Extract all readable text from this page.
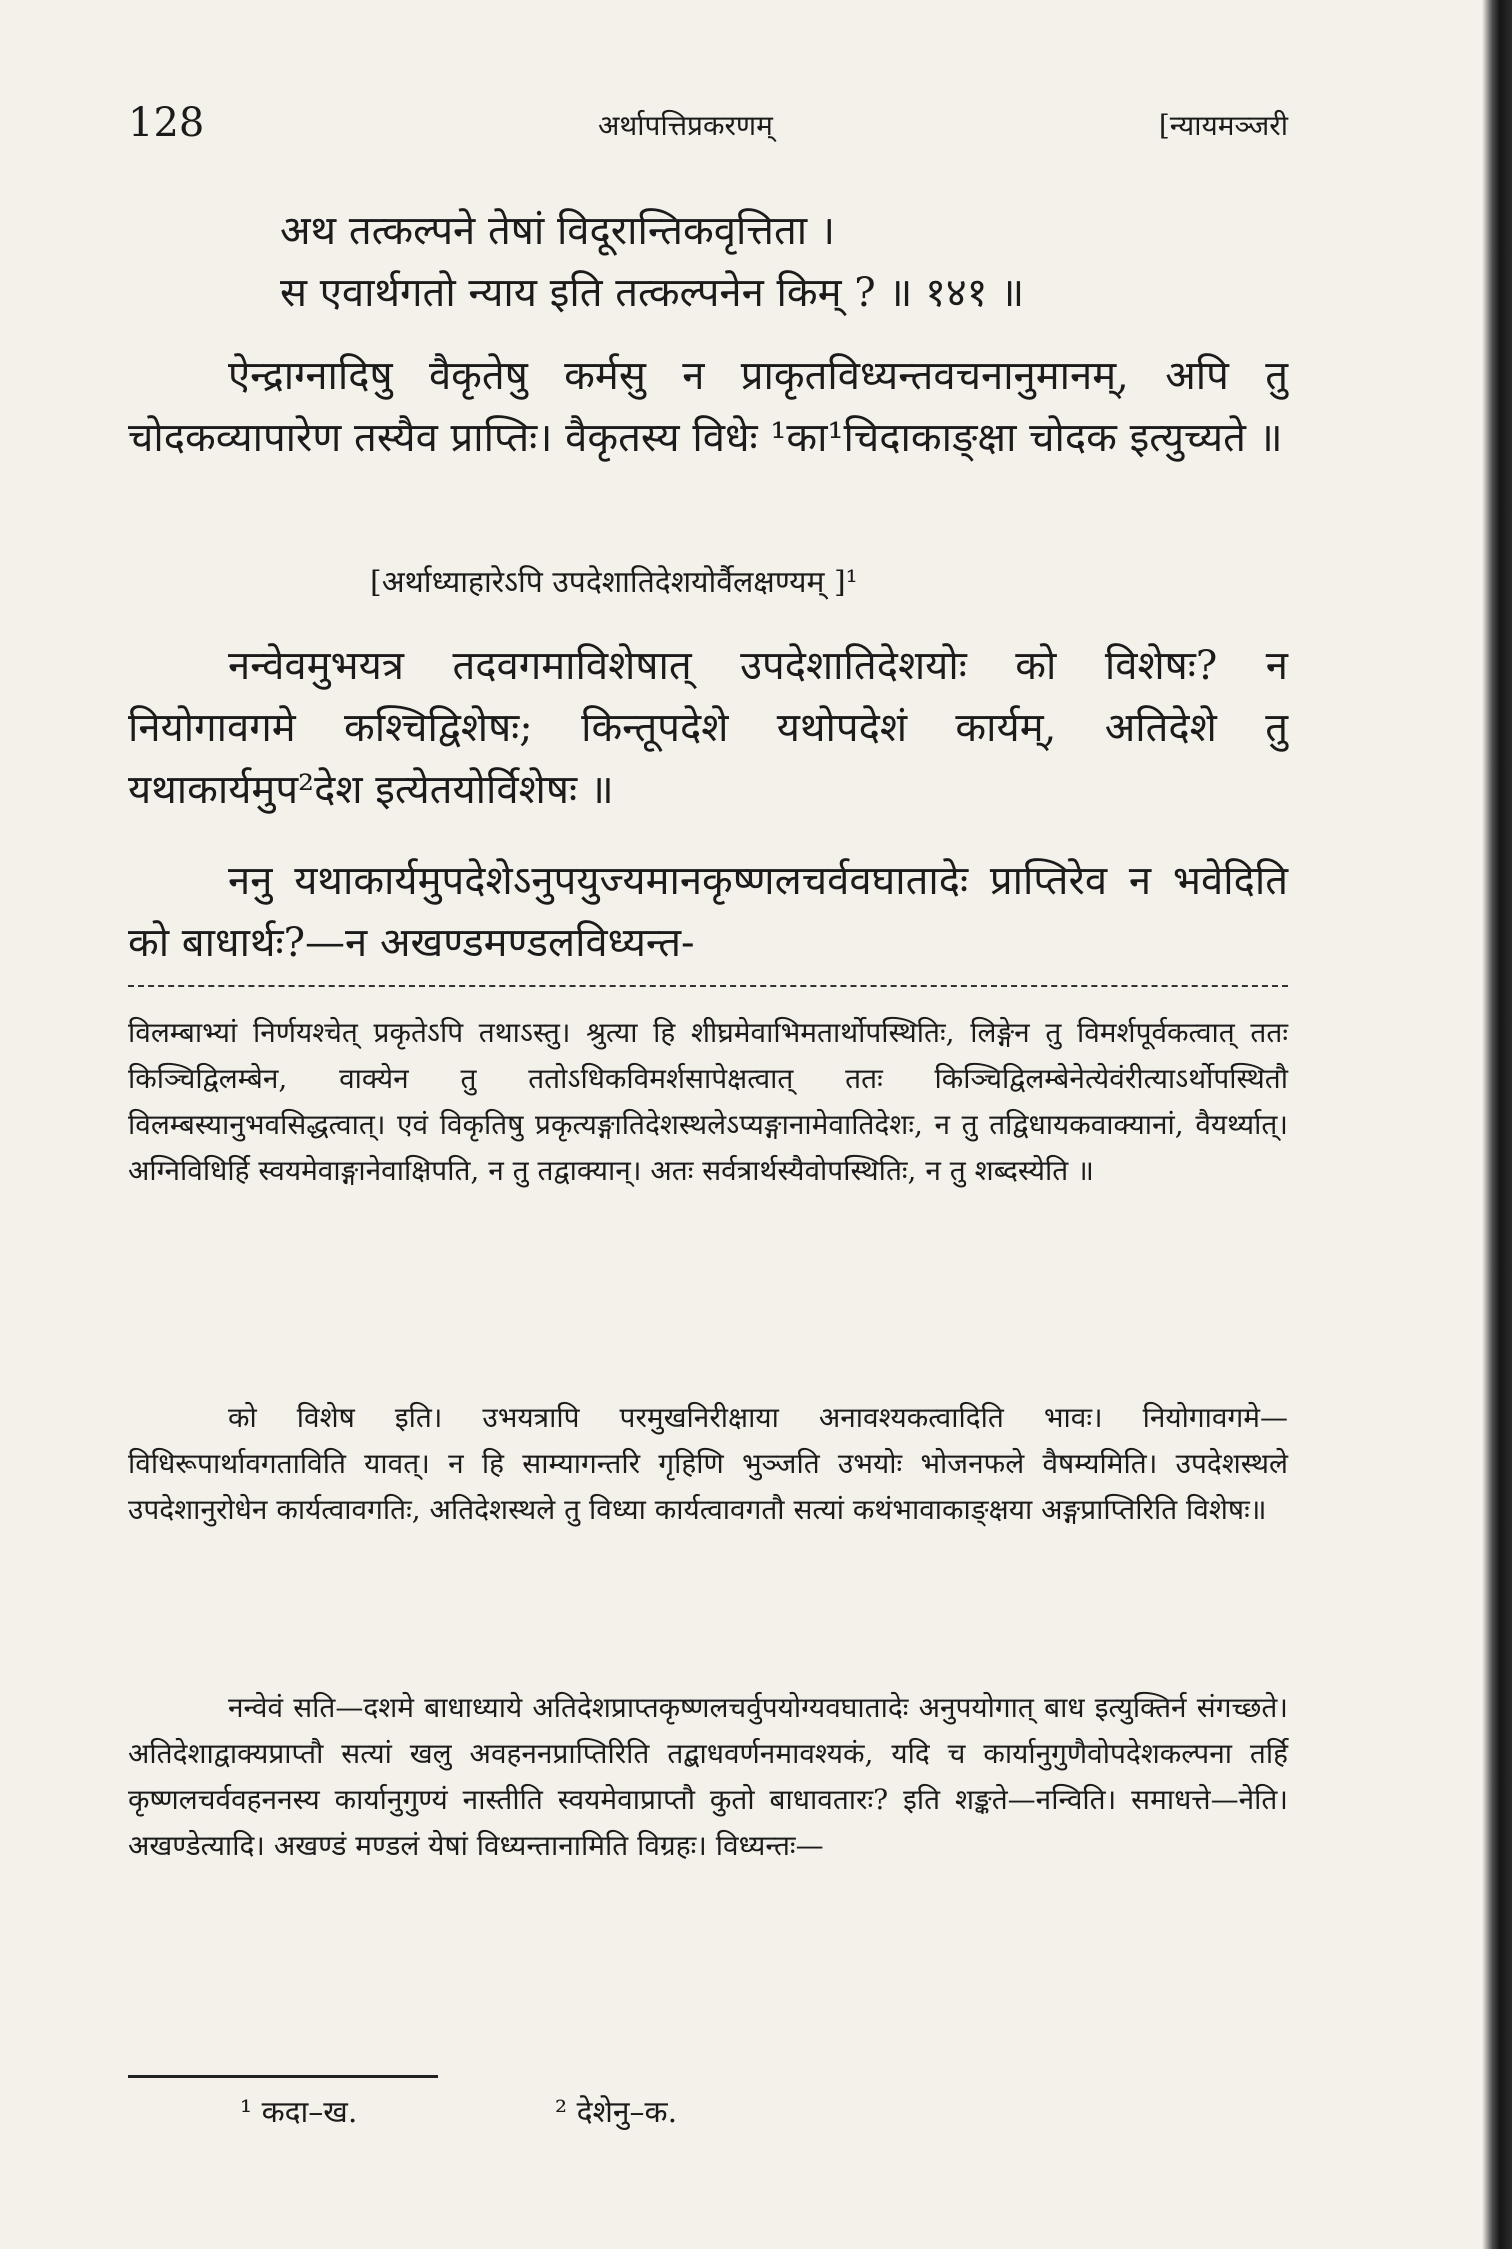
128	अर्थापत्तिप्रकरणम्	[न्यायमञ्जरी
अथ तत्कल्पने तेषां विदूरान्तिकवृत्तिता ।
स एवार्थगतो न्याय इति तत्कल्पनेन किम् ? ॥ १४१ ॥
ऐन्द्राग्नादिषु वैकृतेषु कर्मसु न प्राकृतविध्यन्तवचनानुमानम्, अपि तु चोदकव्यापारेण तस्यैव प्राप्तिः। वैकृतस्य विधेः ¹का¹चिदाकाङ्क्षा चोदक इत्युच्यते ॥
[अर्थाध्याहारेऽपि उपदेशातिदेशयोर्वैलक्षण्यम् ]¹
नन्वेवमुभयत्र तदवगमाविशेषात् उपदेशातिदेशयोः को विशेषः? न नियोगावगमे कश्चिद्विशेषः; किन्तूपदेशे यथोपदेशं कार्यम्, अतिदेशे तु यथाकार्यमुप²देश इत्येतयोर्विशेषः ॥
ननु यथाकार्यमुपदेशेऽनुपयुज्यमानकृष्णलचर्ववघातादेः प्राप्तिरेव न भवेदिति को बाधार्थः?—न अखण्डमण्डलविध्यन्त-
विलम्बाभ्यां निर्णयश्चेत् प्रकृतेऽपि तथाऽस्तु। श्रुत्या हि शीघ्रमेवाभिमतार्थोपस्थितिः, लिङ्गेन तु विमर्शपूर्वकत्वात् ततः किञ्चिद्विलम्बेन, वाक्येन तु ततोऽधिकविमर्शसापेक्षत्वात् ततः किञ्चिद्विलम्बेनेत्येवंरीत्याऽर्थोपस्थितौ विलम्बस्यानुभवसिद्धत्वात्। एवं विकृतिषु प्रकृत्यङ्गातिदेशस्थलेऽप्यङ्गानामेवातिदेशः, न तु तद्विधायकवाक्यानां, वैयर्थ्यात्। अग्निविधिर्हि स्वयमेवाङ्गानेवाक्षिपति, न तु तद्वाक्यान्। अतः सर्वत्रार्थस्यैवोपस्थितिः, न तु शब्दस्येति ॥
को विशेष इति। उभयत्रापि परमुखनिरीक्षाया अनावश्यकत्वादिति भावः। नियोगावगमे—विधिरूपार्थावगताविति यावत्। न हि साम्यागन्तरि गृहिणि भुञ्जति उभयोः भोजनफले वैषम्यमिति। उपदेशस्थले उपदेशानुरोधेन कार्यत्वावगतिः, अतिदेशस्थले तु विध्या कार्यत्वावगतौ सत्यां कथंभावाकाङ्क्षया अङ्गप्राप्तिरिति विशेषः॥
नन्वेवं सति—दशमे बाधाध्याये अतिदेशप्राप्तकृष्णलचर्वुपयोग्यवघातादेः अनुपयोगात् बाध इत्युक्तिर्न संगच्छते। अतिदेशाद्वाक्यप्राप्तौ सत्यां खलु अवहननप्राप्तिरिति तद्बाधवर्णनमावश्यकं, यदि च कार्यानुगुणैवोपदेशकल्पना तर्हि कृष्णलचर्ववहननस्य कार्यानुगुण्यं नास्तीति स्वयमेवाप्राप्तौ कुतो बाधावतारः? इति शङ्कते—नन्विति। समाधत्ते—नेति। अखण्डेत्यादि। अखण्डं मण्डलं येषां विध्यन्तानामिति विग्रहः। विध्यन्तः—
¹ कदा–ख.	² देशेनु–क.
